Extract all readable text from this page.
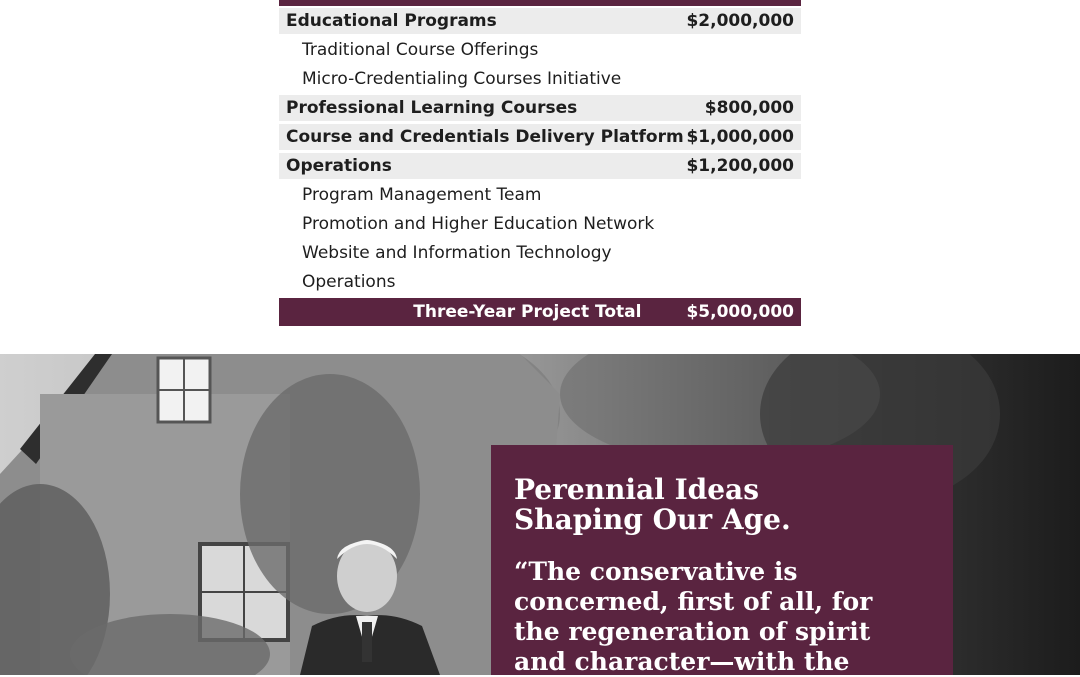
Educational Programs	$2,000,000
Traditional Course Offerings
Micro-Credentialing Courses Initiative
Professional Learning Courses	$800,000
Course and Credentials Delivery Platform $1,000,000
Operations	$1,200,000
Program Management Team
Promotion and Higher Education Network
Website and Information Technology
Operations
Three-Year Project Total	$5,000,000
Perennial Ideas
Shaping Our Age.
“The conservative is
concerned, first of all, for
the regeneration of spirit
and character—with the
